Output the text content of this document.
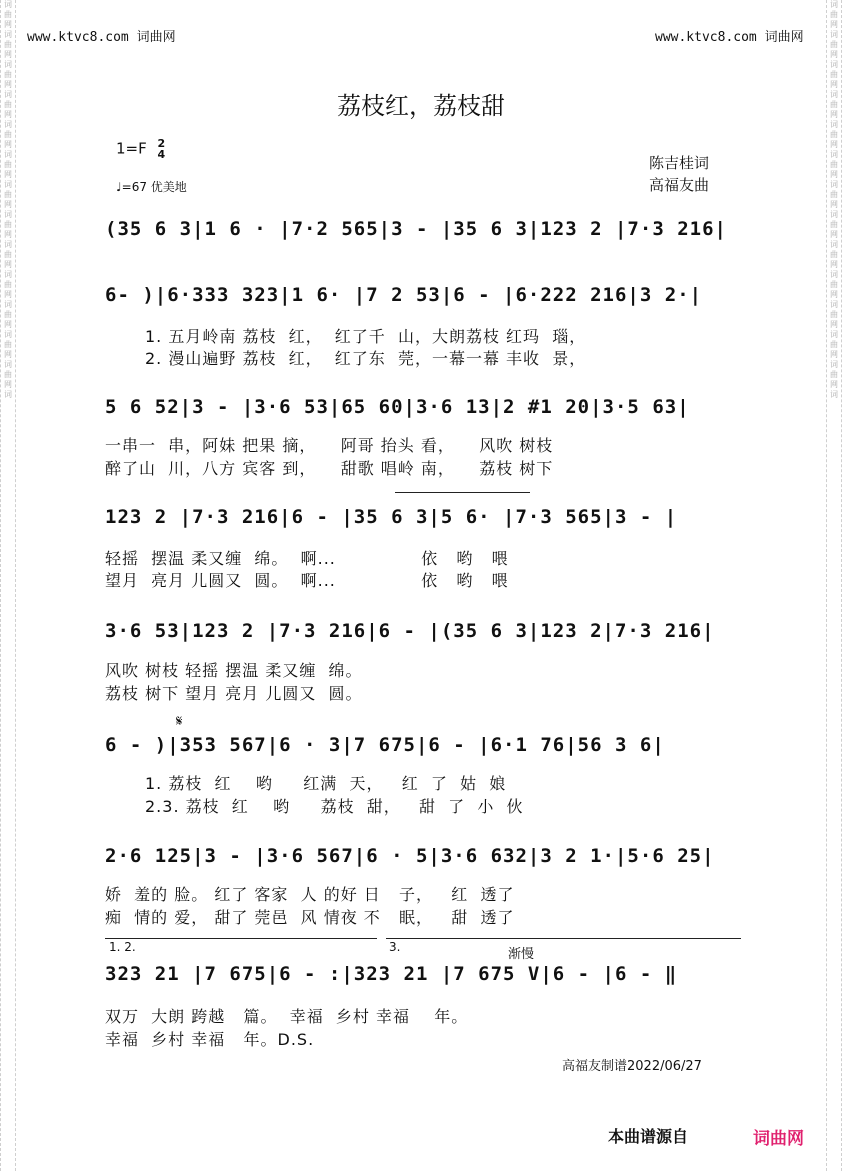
词
曲
网
词
曲
网
词
曲
网
词
曲
网
词
曲
网
词
曲
网
词
曲
网
词
曲
网
词
曲
网
词
曲
网
词
曲
网
词
曲
网
词
曲
网
词
词
曲
网
词
曲
网
词
曲
网
词
曲
网
词
曲
网
词
曲
网
词
曲
网
词
曲
网
词
曲
网
词
曲
网
词
曲
网
词
曲
网
词
曲
网
词
www.ktvc8.com 词曲网	www.ktvc8.com 词曲网
荔枝红，荔枝甜
1=F 2
4
♩=67 优美地
陈吉桂词
高福友曲
(35 6 3|1 6 · |7·2 565|3 - |35 6 3|123 2 |7·3 216|
6- )|6·333 323|1 6· |7 2 53|6 - |6·222 216|3 2·|
1. 五月岭南 荔枝  红，  红了千  山，大朗荔枝 红玛  瑙，
2. 漫山遍野 荔枝  红，  红了东  莞，一幕一幕 丰收  景，
5 6 52|3 - |3·6 53|65 60|3·6 13|2 #1 20|3·5 63|
一串一  串，阿妹 把果 摘，    阿哥 抬头 看，    风吹 树枝
醉了山  川，八方 宾客 到，    甜歌 唱岭 南，    荔枝 树下
123 2 |7·3 216|6 - |35 6 3|5 6· |7·3 565|3 - |
轻摇  摆温 柔又缠  绵。  啊...              依   哟   喂
望月  亮月 儿圆又  圆。  啊...              依   哟   喂
3·6 53|123 2 |7·3 216|6 - |(35 6 3|123 2|7·3 216|
风吹 树枝 轻摇 摆温 柔又缠  绵。
荔枝 树下 望月 亮月 儿圆又  圆。
𝄋
6 - )|353 567|6 · 3|7 675|6 - |6·1 76|56 3 6|
1. 荔枝  红    哟     红满  天，   红  了  姑  娘
2.3. 荔枝  红    哟     荔枝  甜，   甜  了  小  伙
2·6 125|3 - |3·6 567|6 · 5|3·6 632|3 2 1·|5·6 25|
娇  羞的 脸。 红了 客家  人 的好 日   子，   红  透了
痴  情的 爱， 甜了 莞邑  风 情夜 不   眠，   甜  透了
1. 2.	3.	渐慢
323 21 |7 675|6 - :|323 21 |7 675 V|6 - |6 - ‖
双万  大朗 跨越   篇。  幸福  乡村 幸福    年。
幸福  乡村 幸福   年。D.S.
高福友制谱2022/06/27
本曲谱源自	词曲网
